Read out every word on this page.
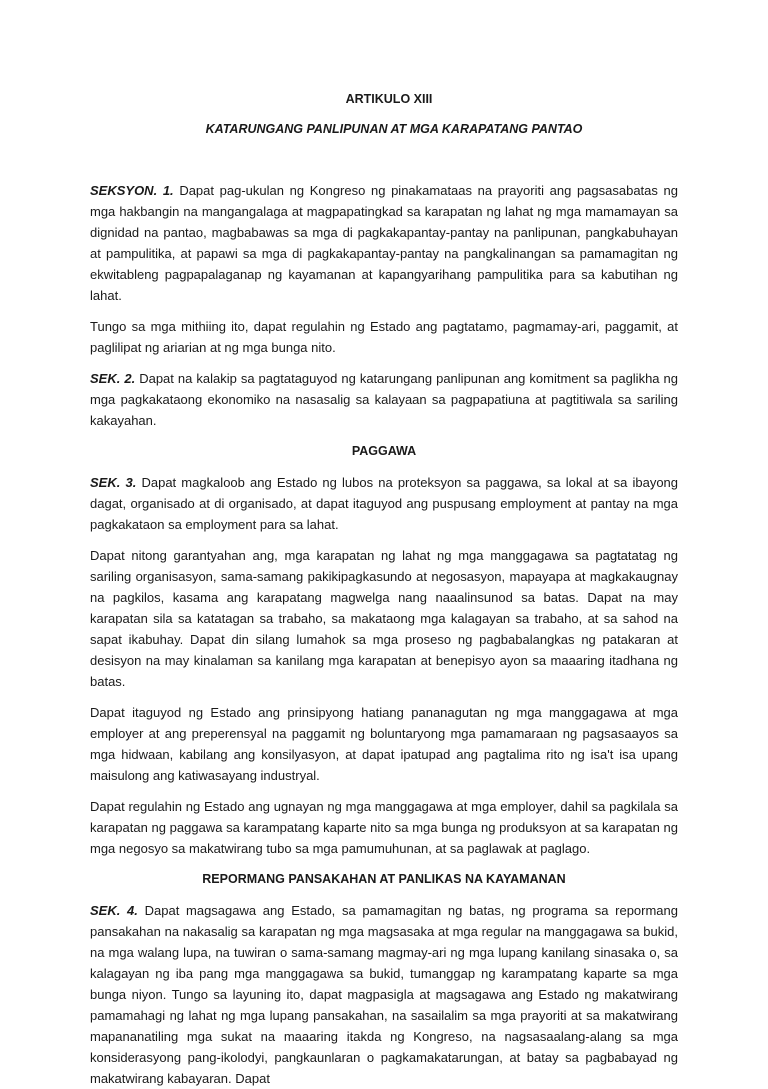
ARTIKULO XIII
KATARUNGANG PANLIPUNAN AT MGA KARAPATANG PANTAO

SEKSYON. 1. Dapat pag-ukulan ng Kongreso ng pinakamataas na prayoriti ang pagsasabatas ng mga hakbangin na mangangalaga at magpapatingkad sa karapatan ng lahat ng mga mamamayan sa dignidad na pantao, magbabawas sa mga di pagkakapantay-pantay na panlipunan, pangkabuhayan at pampulitika, at papawi sa mga di pagkakapantay-pantay na pangkalinangan sa pamamagitan ng ekwitableng pagpapalaganap ng kayamanan at kapangyarihang pampulitika para sa kabutihan ng lahat.

Tungo sa mga mithiing ito, dapat regulahin ng Estado ang pagtatamo, pagmamay-ari, paggamit, at paglilipat ng ariarian at ng mga bunga nito.

SEK. 2. Dapat na kalakip sa pagtataguyod ng katarungang panlipunan ang komitment sa paglikha ng mga pagkakataong ekonomiko na nasasalig sa kalayaan sa pagpapatiuna at pagtitiwala sa sariling kakayahan.

PAGGAWA

SEK. 3. Dapat magkaloob ang Estado ng lubos na proteksyon sa paggawa, sa lokal at sa ibayong dagat, organisado at di organisado, at dapat itaguyod ang puspusang employment at pantay na mga pagkakataon sa employment para sa lahat.

Dapat nitong garantyahan ang, mga karapatan ng lahat ng mga manggagawa sa pagtatatag ng sariling organisasyon, sama-samang pakikipagkasundo at negosasyon, mapayapa at magkakaugnay na pagkilos, kasama ang karapatang magwelga nang naaalinsunod sa batas. Dapat na may karapatan sila sa katatagan sa trabaho, sa makataong mga kalagayan sa trabaho, at sa sahod na sapat ikabuhay. Dapat din silang lumahok sa mga proseso ng pagbabalangkas ng patakaran at desisyon na may kinalaman sa kanilang mga karapatan at benepisyo ayon sa maaaring itadhana ng batas.

Dapat itaguyod ng Estado ang prinsipyong hatiang pananagutan ng mga manggagawa at mga employer at ang preperensyal na paggamit ng boluntaryong mga pamamaraan ng pagsasaayos sa mga hidwaan, kabilang ang konsilyasyon, at dapat ipatupad ang pagtalima rito ng isa't isa upang maisulong ang katiwasayang industryal.

Dapat regulahin ng Estado ang ugnayan ng mga manggagawa at mga employer, dahil sa pagkilala sa karapatan ng paggawa sa karampatang kaparte nito sa mga bunga ng produksyon at sa karapatan ng mga negosyo sa makatwirang tubo sa mga pamumuhunan, at sa paglawak at paglago.

REPORMANG PANSAKAHAN AT PANLIKAS NA KAYAMANAN

SEK. 4. Dapat magsagawa ang Estado, sa pamamagitan ng batas, ng programa sa repormang pansakahan na nakasalig sa karapatan ng mga magsasaka at mga regular na manggagawa sa bukid, na mga walang lupa, na tuwiran o sama-samang magmay-ari ng mga lupang kanilang sinasaka o, sa kalagayan ng iba pang mga manggagawa sa bukid, tumanggap ng karampatang kaparte sa mga bunga niyon. Tungo sa layuning ito, dapat magpasigla at magsagawa ang Estado ng makatwirang pamamahagi ng lahat ng mga lupang pansakahan, na sasailalim sa mga prayoriti at sa makatwirang mapananatiling mga sukat na maaaring itakda ng Kongreso, na nagsasaalang-alang sa mga konsiderasyong pang-ikolodyi, pangkaunlaran o pagkamakatarungan, at batay sa pagbabayad ng makatwirang kabayaran. Dapat
